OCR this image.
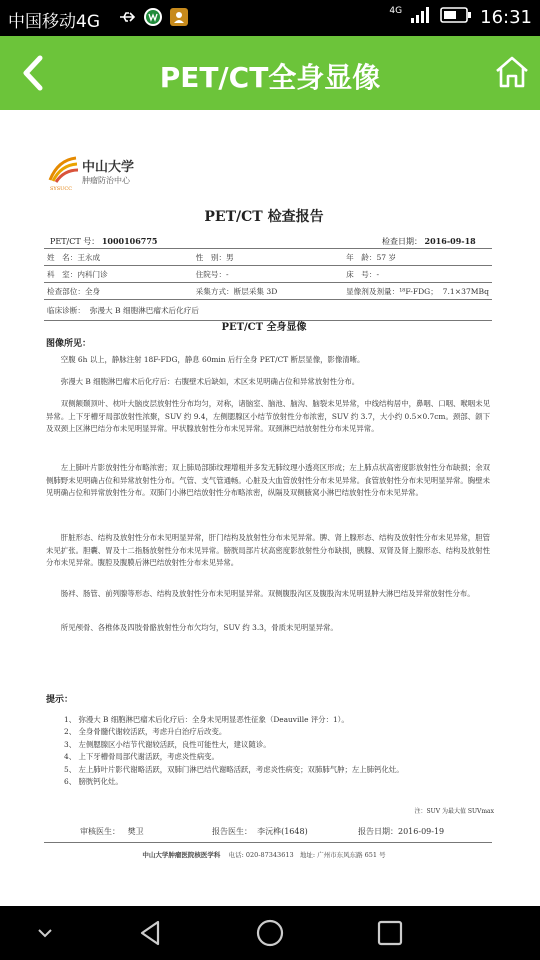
中国移动4G
4G	16:31
PET/CT全身显像
中山大学
肿瘤防治中心
SYSUCC
PET/CT 检查报告
PET/CT 号： 1000106775	检查日期： 2016-09-18
姓　名：王永成	性　别：男	年　龄：57 岁
科　室：内科门诊	住院号：-	床　号：-
检查部位：全身	采集方式：断层采集 3D	显像剂及剂量：¹⁸F-FDG； 7.1×37MBq
临床诊断： 弥漫大 B 细胞淋巴瘤术后化疗后		
PET/CT 全身显像
图像所见：

空腹 6h 以上，静脉注射 18F-FDG，静息 60min 后行全身 PET/CT 断层显像，影像清晰。

弥漫大 B 细胞淋巴瘤术后化疗后：右腹壁术后缺如，术区未见明确占位和异常放射性分布。

双侧额颞顶叶、枕叶大脑皮层放射性分布均匀，对称，诸脑室、脑池、脑沟、脑裂未见异常，中线结构居中，鼻咽、口咽、喉咽未见异常。上下牙槽牙局部放射性浓聚，SUV 约 9.4，左侧腮腺区小结节放射性分布浓密，SUV 约 3.7，大小约 0.5×0.7cm。颈部、颌下及双颈上区淋巴结分布未见明显异常。甲状腺放射性分布未见异常。双颈淋巴结放射性分布未见异常。

左上肺叶片影放射性分布略浓密；双上肺局部肺纹理增粗并多发无肺纹理小透亮区形成；左上肺点状高密度影放射性分布缺损；余双侧肺野未见明确占位和异常放射性分布。气管、支气管通畅。心脏及大血管放射性分布未见异常。食管放射性分布未见明显异常。胸壁未见明确占位和异常放射性分布。双肺门小淋巴结放射性分布略浓密，纵隔及双侧腋窝小淋巴结放射性分布未见异常。

肝脏形态、结构及放射性分布未见明显异常，肝门结构及放射性分布未见异常。脾、肾上腺形态、结构及放射性分布未见异常，胆管未见扩张。胆囊、胃及十二指肠放射性分布未见异常。膀胱局部片状高密度影放射性分布缺损，胰腺、双肾及肾上腺形态、结构及放射性分布未见异常。腹腔及腹膜后淋巴结放射性分布未见异常。

肠袢、肠管、前列腺等形态、结构及放射性分布未见明显异常。双侧腹股沟区及腹股沟未见明显肿大淋巴结及异常放射性分布。

所见颅骨、各椎体及四肢骨骼放射性分布欠均匀，SUV 约 3.3，骨质未见明显异常。

提示：
1、 弥漫大 B 细胞淋巴瘤术后化疗后：全身未见明显恶性征象（Deauville 评分：1）。
2、 全身骨髓代谢较活跃，考虑升白治疗后改变。
3、 左侧腮腺区小结节代谢较活跃，良性可能性大，建议随诊。
4、 上下牙槽骨局部代谢活跃，考虑炎性病变。
5、 左上肺叶片影代谢略活跃，双肺门淋巴结代谢略活跃，考虑炎性病变；双肺肺气肿；左上肺钙化灶。
6、 膀胱钙化灶。
注：SUV 为最大值 SUVmax
审核医生： 樊卫	报告医生： 李沅桦(1648)	报告日期：2016-09-19
中山大学肿瘤医院核医学科 电话: 020-87343613 地址: 广州市东风东路 651 号
